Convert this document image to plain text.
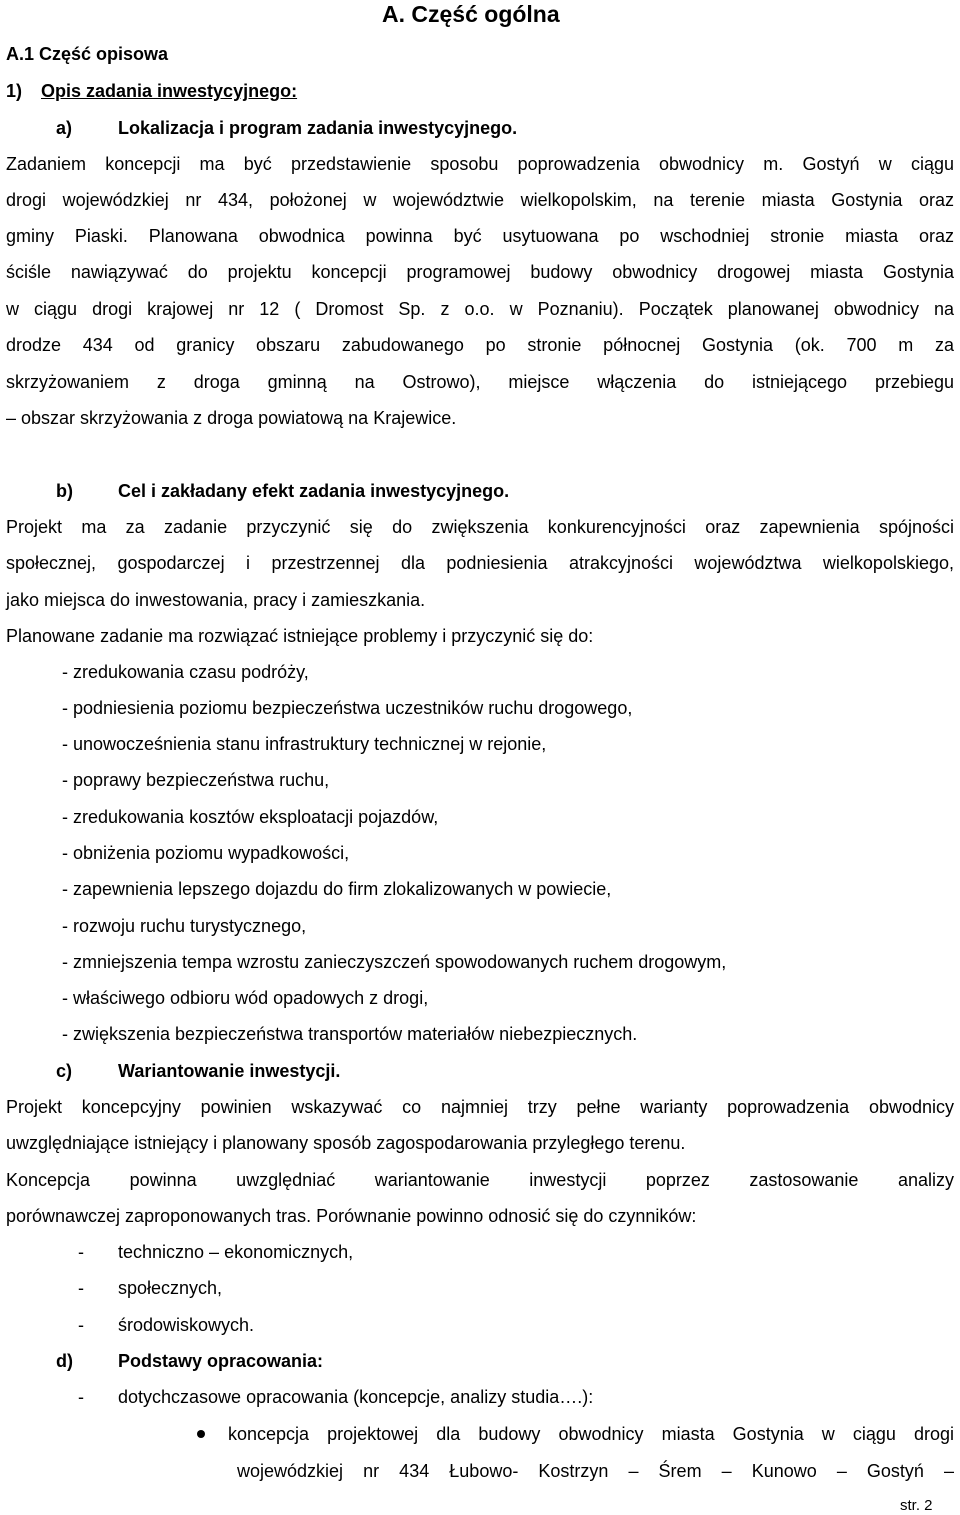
A. Część ogólna
A.1 Część opisowa
1) Opis zadania inwestycyjnego:
a)	Lokalizacja i program zadania inwestycyjnego.
Zadaniem koncepcji ma być przedstawienie sposobu poprowadzenia obwodnicy m. Gostyń w ciągu
drogi wojewódzkiej nr 434, położonej w województwie wielkopolskim, na terenie miasta Gostynia oraz
gminy Piaski. Planowana obwodnica powinna być usytuowana po wschodniej stronie miasta oraz
ściśle nawiązywać do projektu koncepcji programowej budowy obwodnicy drogowej miasta Gostynia
w ciągu drogi krajowej nr 12 ( Dromost Sp. z o.o. w Poznaniu). Początek planowanej obwodnicy na
drodze 434 od granicy obszaru zabudowanego po stronie północnej Gostynia (ok. 700 m za
skrzyżowaniem z droga gminną na Ostrowo), miejsce włączenia do istniejącego przebiegu
– obszar skrzyżowania z droga powiatową na Krajewice.
b)	Cel i zakładany efekt zadania inwestycyjnego.
Projekt ma za zadanie przyczynić się do zwiększenia konkurencyjności oraz zapewnienia spójności
społecznej, gospodarczej i przestrzennej dla podniesienia atrakcyjności województwa wielkopolskiego,
jako miejsca do inwestowania, pracy i zamieszkania.
Planowane zadanie ma rozwiązać istniejące problemy i przyczynić się do:
- zredukowania czasu podróży,
- podniesienia poziomu bezpieczeństwa uczestników ruchu drogowego,
- unowocześnienia stanu infrastruktury technicznej w rejonie,
- poprawy bezpieczeństwa ruchu,
- zredukowania kosztów eksploatacji pojazdów,
- obniżenia poziomu wypadkowości,
- zapewnienia lepszego dojazdu do firm zlokalizowanych w powiecie,
- rozwoju ruchu turystycznego,
- zmniejszenia tempa wzrostu zanieczyszczeń spowodowanych ruchem drogowym,
- właściwego odbioru wód opadowych z drogi,
- zwiększenia bezpieczeństwa transportów materiałów niebezpiecznych.
c)	Wariantowanie inwestycji.
Projekt koncepcyjny powinien wskazywać co najmniej trzy pełne warianty poprowadzenia obwodnicy
uwzględniające istniejący i planowany sposób zagospodarowania przyległego terenu.
Koncepcja powinna uwzględniać wariantowanie inwestycji poprzez zastosowanie analizy
porównawczej zaproponowanych tras. Porównanie powinno odnosić się do czynników:
- techniczno – ekonomicznych,
- społecznych,
- środowiskowych.
d)	Podstawy opracowania:
- dotychczasowe opracowania (koncepcje, analizy studia….):
koncepcja projektowej dla budowy obwodnicy miasta Gostynia w ciągu drogi
wojewódzkiej nr 434 Łubowo- Kostrzyn – Śrem – Kunowo – Gostyń –
str. 2
